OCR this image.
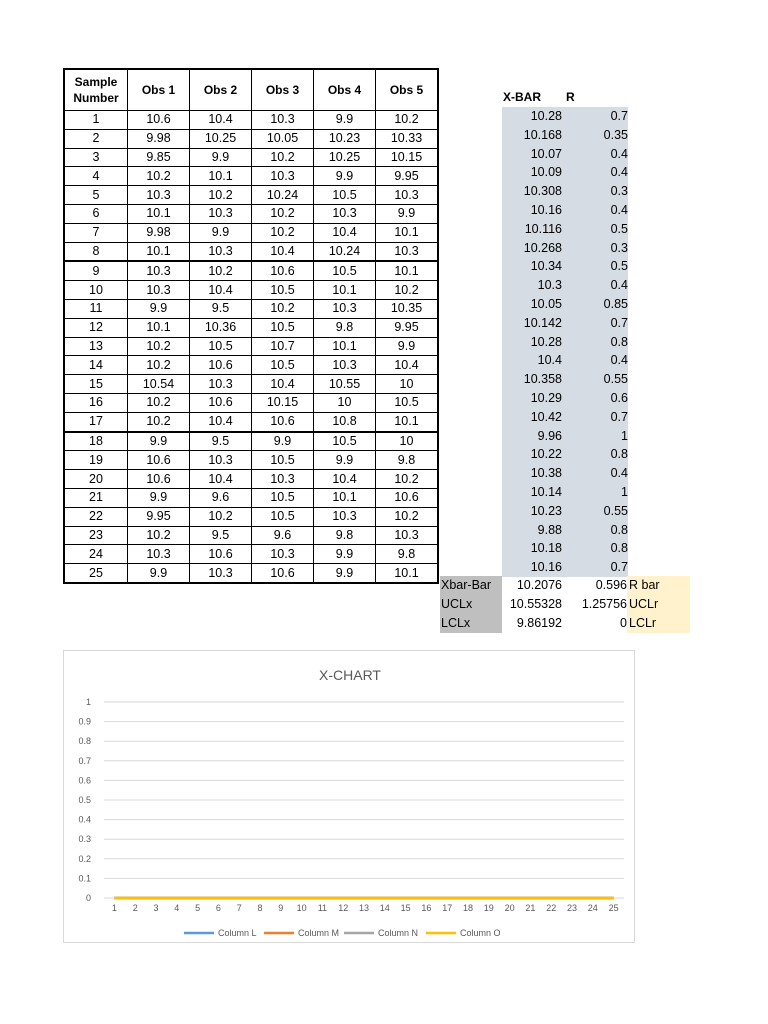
Sample Number	Obs 1	Obs 2	Obs 3	Obs 4	Obs 5
1	10.6	10.4	10.3	9.9	10.2
2	9.98	10.25	10.05	10.23	10.33
3	9.85	9.9	10.2	10.25	10.15
4	10.2	10.1	10.3	9.9	9.95
5	10.3	10.2	10.24	10.5	10.3
6	10.1	10.3	10.2	10.3	9.9
7	9.98	9.9	10.2	10.4	10.1
8	10.1	10.3	10.4	10.24	10.3
9	10.3	10.2	10.6	10.5	10.1
10	10.3	10.4	10.5	10.1	10.2
11	9.9	9.5	10.2	10.3	10.35
12	10.1	10.36	10.5	9.8	9.95
13	10.2	10.5	10.7	10.1	9.9
14	10.2	10.6	10.5	10.3	10.4
15	10.54	10.3	10.4	10.55	10
16	10.2	10.6	10.15	10	10.5
17	10.2	10.4	10.6	10.8	10.1
18	9.9	9.5	9.9	10.5	10
19	10.6	10.3	10.5	9.9	9.8
20	10.6	10.4	10.3	10.4	10.2
21	9.9	9.6	10.5	10.1	10.6
22	9.95	10.2	10.5	10.3	10.2
23	10.2	9.5	9.6	9.8	10.3
24	10.3	10.6	10.3	9.9	9.8
25	9.9	10.3	10.6	9.9	10.1
X-BAR R
10.28	0.7
10.168	0.35
10.07	0.4
10.09	0.4
10.308	0.3
10.16	0.4
10.116	0.5
10.268	0.3
10.34	0.5
10.3	0.4
10.05	0.85
10.142	0.7
10.28	0.8
10.4	0.4
10.358	0.55
10.29	0.6
10.42	0.7
9.96	1
10.22	0.8
10.38	0.4
10.14	1
10.23	0.55
9.88	0.8
10.18	0.8
10.16	0.7
Xbar-Bar	10.2076	0.596 R bar
UCLx	10.55328	1.25756 UCLr
LCLx	9.86192	0 LCLr
X-CHART
0
0.1
0.2
0.3
0.4
0.5
0.6
0.7
0.8
0.9
1
1 2 3 4 5 6 7 8 9 10 11 12 13 14 15 16 17 18 19 20 21 22 23 24 25
Column L	Column M	Column N	Column O
